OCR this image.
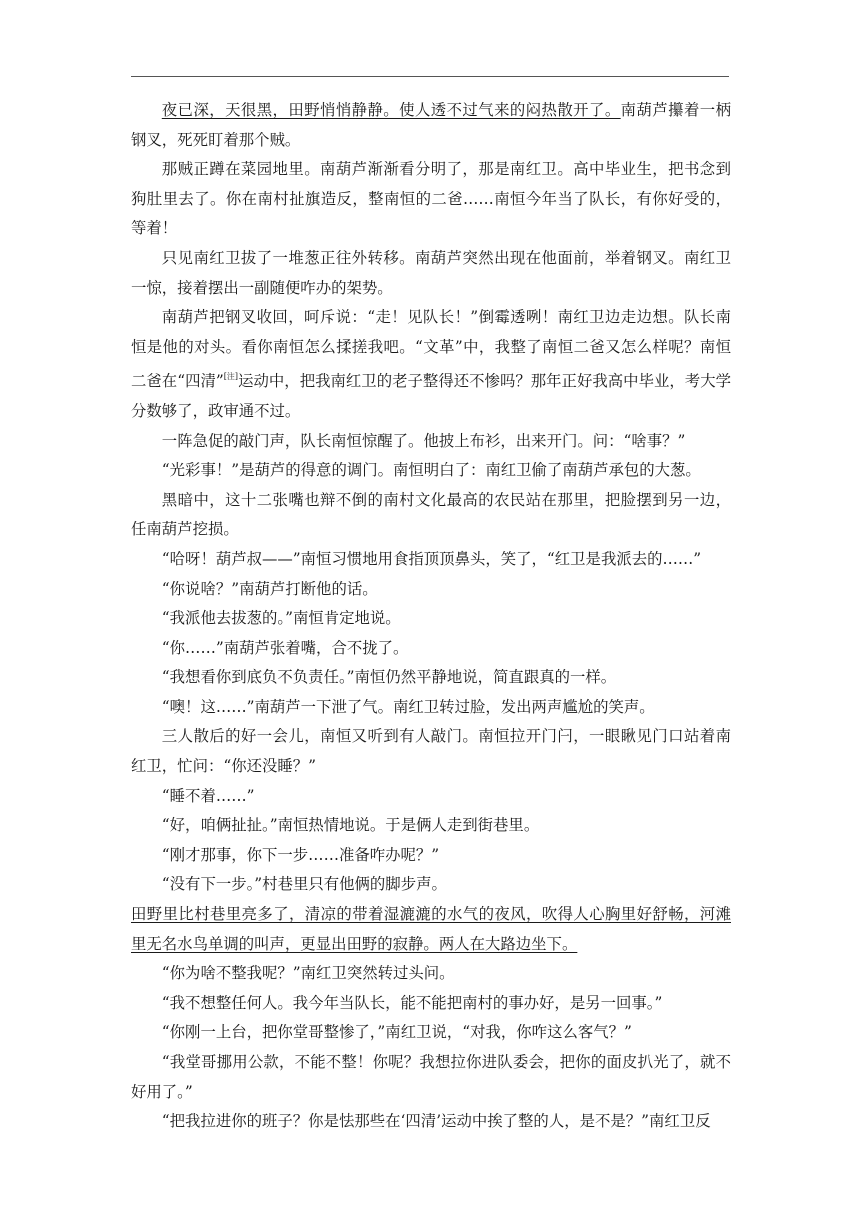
夜已深，天很黑，田野悄悄静静。使人透不过气来的闷热散开了。南葫芦攥着一柄钢叉，死死盯着那个贼。

那贼正蹲在菜园地里。南葫芦渐渐看分明了，那是南红卫。高中毕业生，把书念到狗肚里去了。你在南村扯旗造反，整南恒的二爸……南恒今年当了队长，有你好受的，等着！

只见南红卫拔了一堆葱正往外转移。南葫芦突然出现在他面前，举着钢叉。南红卫一惊，接着摆出一副随便咋办的架势。

南葫芦把钢叉收回，呵斥说：“走！见队长！”倒霉透咧！南红卫边走边想。队长南恒是他的对头。看你南恒怎么揉搓我吧。“文革”中，我整了南恒二爸又怎么样呢？南恒二爸在“四清”[注]运动中，把我南红卫的老子整得还不惨吗？那年正好我高中毕业，考大学分数够了，政审通不过。

一阵急促的敲门声，队长南恒惊醒了。他披上布衫，出来开门。问：“啥事？”

“光彩事！”是葫芦的得意的调门。南恒明白了：南红卫偷了南葫芦承包的大葱。

黑暗中，这十二张嘴也辩不倒的南村文化最高的农民站在那里，把脸摆到另一边，任南葫芦挖损。

“哈呀！葫芦叔——”南恒习惯地用食指顶顶鼻头，笑了，“红卫是我派去的……”

“你说啥？”南葫芦打断他的话。

“我派他去拔葱的。”南恒肯定地说。

“你……”南葫芦张着嘴，合不拢了。

“我想看你到底负不负责任。”南恒仍然平静地说，简直跟真的一样。

“噢！这……”南葫芦一下泄了气。南红卫转过脸，发出两声尴尬的笑声。

三人散后的好一会儿，南恒又听到有人敲门。南恒拉开门闩，一眼瞅见门口站着南红卫，忙问：“你还没睡？”

“睡不着……”

“好，咱俩扯扯。”南恒热情地说。于是俩人走到街巷里。

“刚才那事，你下一步……准备咋办呢？”

“没有下一步。”村巷里只有他俩的脚步声。

田野里比村巷里亮多了，清凉的带着湿漉漉的水气的夜风，吹得人心胸里好舒畅，河滩里无名水鸟单调的叫声，更显出田野的寂静。两人在大路边坐下。

“你为啥不整我呢？”南红卫突然转过头问。

“我不想整任何人。我今年当队长，能不能把南村的事办好，是另一回事。”

“你刚一上台，把你堂哥整惨了，”南红卫说，“对我，你咋这么客气？”

“我堂哥挪用公款，不能不整！你呢？我想拉你进队委会，把你的面皮扒光了，就不好用了。”

“把我拉进你的班子？你是怯那些在‘四清’运动中挨了整的人，是不是？”南红卫反
